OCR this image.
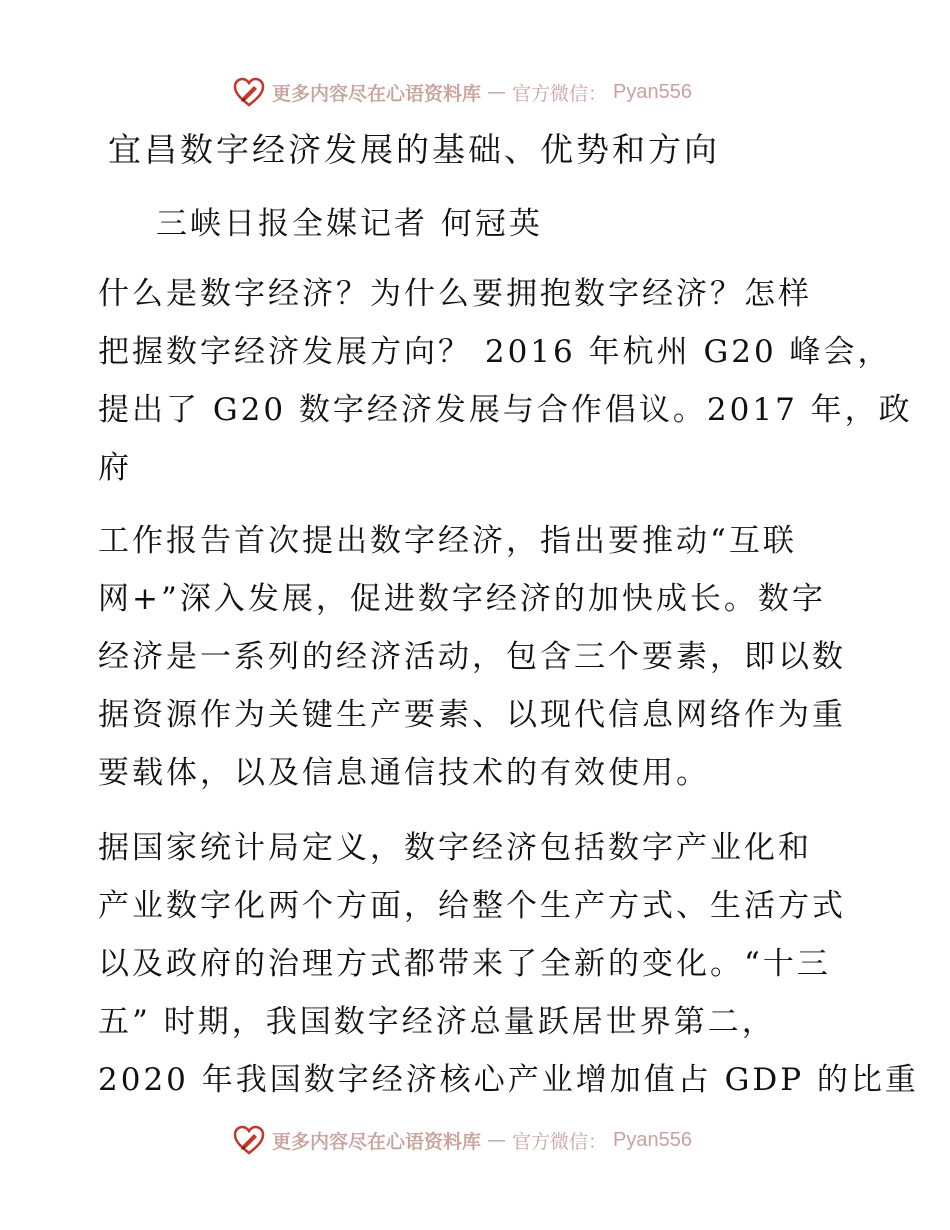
更多内容尽在心语资料库 — 官方微信： Pyan556
宜昌数字经济发展的基础、优势和方向
三峡日报全媒记者 何冠英
什么是数字经济？为什么要拥抱数字经济？怎样
把握数字经济发展方向？ 2016 年杭州 G20 峰会，
提出了 G20 数字经济发展与合作倡议。2017 年，政
府
工作报告首次提出数字经济，指出要推动“互联
网+”深入发展，促进数字经济的加快成长。数字
经济是一系列的经济活动，包含三个要素，即以数
据资源作为关键生产要素、以现代信息网络作为重
要载体，以及信息通信技术的有效使用。
据国家统计局定义，数字经济包括数字产业化和
产业数字化两个方面，给整个生产方式、生活方式
以及政府的治理方式都带来了全新的变化。“十三
五” 时期，我国数字经济总量跃居世界第二，
2020 年我国数字经济核心产业增加值占 GDP 的比重
更多内容尽在心语资料库 — 官方微信： Pyan556
